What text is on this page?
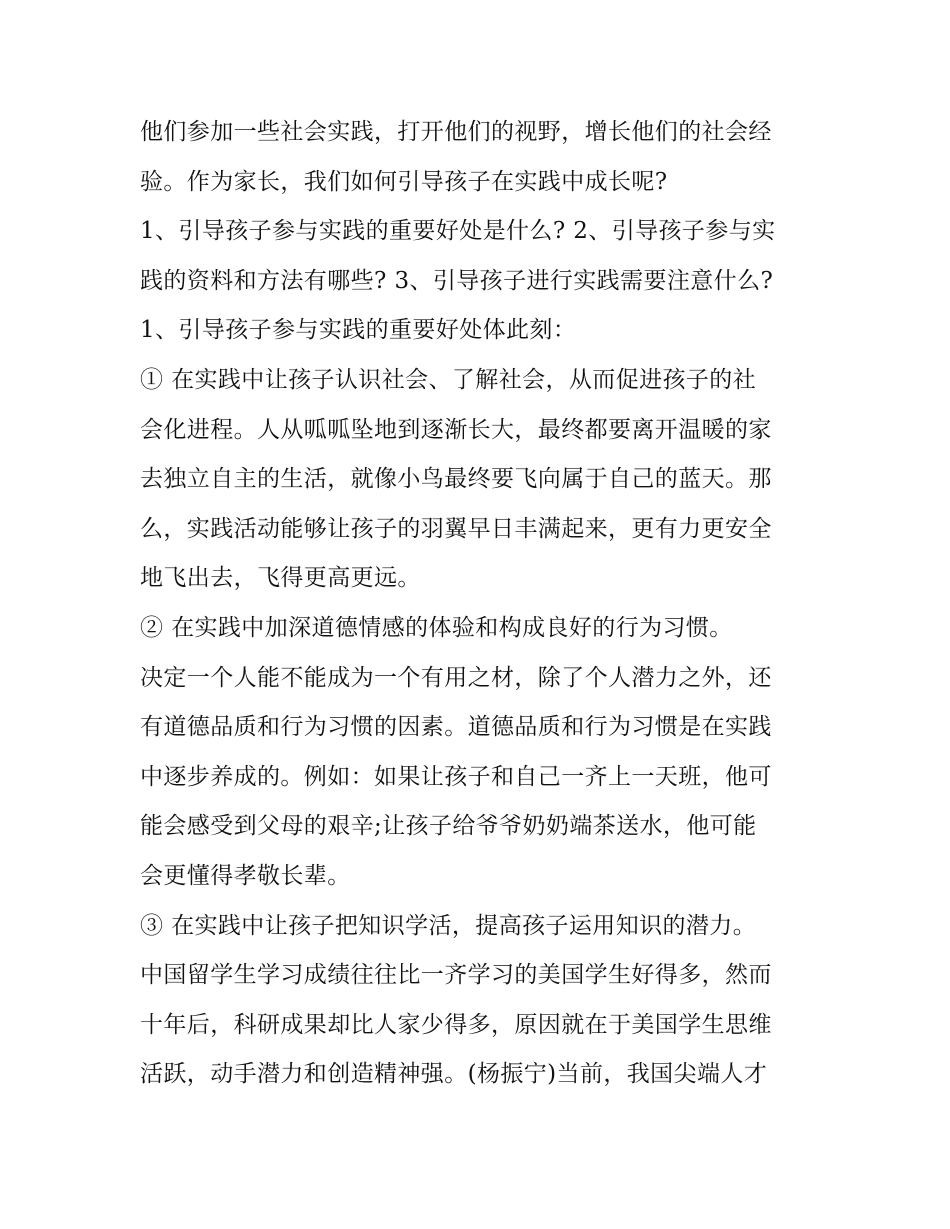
他们参加一些社会实践，打开他们的视野，增长他们的社会经
验。作为家长，我们如何引导孩子在实践中成长呢?
1、引导孩子参与实践的重要好处是什么? 2、引导孩子参与实
践的资料和方法有哪些? 3、引导孩子进行实践需要注意什么?
1、引导孩子参与实践的重要好处体此刻：
① 在实践中让孩子认识社会、了解社会，从而促进孩子的社
会化进程。人从呱呱坠地到逐渐长大，最终都要离开温暖的家
去独立自主的生活，就像小鸟最终要飞向属于自己的蓝天。那
么，实践活动能够让孩子的羽翼早日丰满起来，更有力更安全
地飞出去，飞得更高更远。
② 在实践中加深道德情感的体验和构成良好的行为习惯。
决定一个人能不能成为一个有用之材，除了个人潜力之外，还
有道德品质和行为习惯的因素。道德品质和行为习惯是在实践
中逐步养成的。例如：如果让孩子和自己一齐上一天班，他可
能会感受到父母的艰辛;让孩子给爷爷奶奶端茶送水，他可能
会更懂得孝敬长辈。
③ 在实践中让孩子把知识学活，提高孩子运用知识的潜力。
中国留学生学习成绩往往比一齐学习的美国学生好得多，然而
十年后，科研成果却比人家少得多，原因就在于美国学生思维
活跃，动手潜力和创造精神强。(杨振宁)当前，我国尖端人才
